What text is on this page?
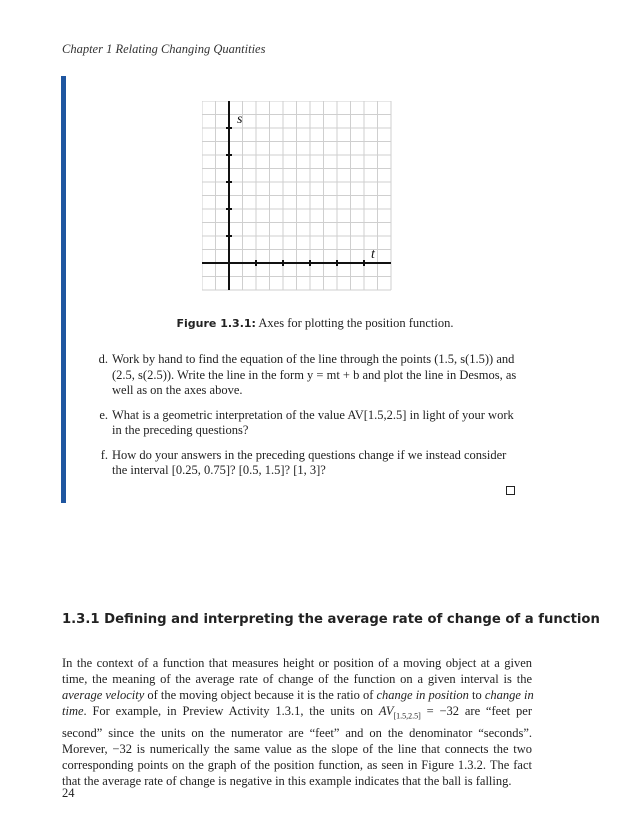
Chapter 1 Relating Changing Quantities
s
t
Figure 1.3.1: Axes for plotting the position function.
d. Work by hand to find the equation of the line through the points (1.5, s(1.5)) and
(2.5, s(2.5)). Write the line in the form y = mt + b and plot the line in Desmos, as
well as on the axes above.
e. What is a geometric interpretation of the value AV[1.5,2.5] in light of your work
in the preceding questions?
f. How do your answers in the preceding questions change if we instead consider
the interval [0.25, 0.75]? [0.5, 1.5]? [1, 3]?
1.3.1 Defining and interpreting the average rate of change of a function
In the context of a function that measures height or position of a moving object at a given
time, the meaning of the average rate of change of the function on a given interval is the
average velocity of the moving object because it is the ratio of change in position to change in
time. For example, in Preview Activity 1.3.1, the units on $AV_{[1.5,2.5]} = -32$ are “feet per
second” since the units on the numerator are “feet” and on the denominator “seconds”.
Morever, −32 is numerically the same value as the slope of the line that connects the two
corresponding points on the graph of the position function, as seen in Figure 1.3.2. The fact
that the average rate of change is negative in this example indicates that the ball is falling.
24
